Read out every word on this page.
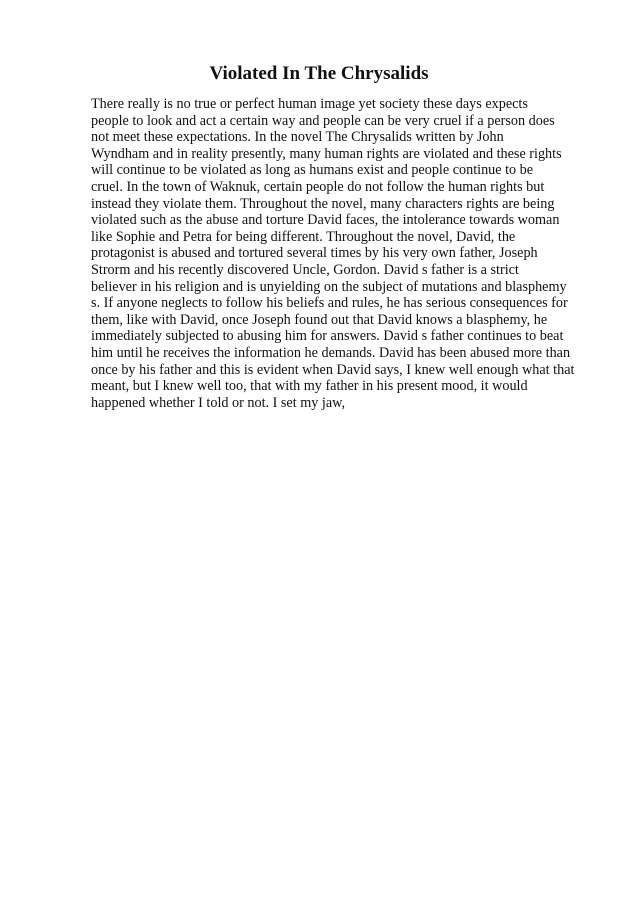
Violated In The Chrysalids
There really is no true or perfect human image yet society these days expects
people to look and act a certain way and people can be very cruel if a person does
not meet these expectations. In the novel The Chrysalids written by John
Wyndham and in reality presently, many human rights are violated and these rights
will continue to be violated as long as humans exist and people continue to be
cruel. In the town of Waknuk, certain people do not follow the human rights but
instead they violate them. Throughout the novel, many characters rights are being
violated such as the abuse and torture David faces, the intolerance towards woman
like Sophie and Petra for being different. Throughout the novel, David, the
protagonist is abused and tortured several times by his very own father, Joseph
Strorm and his recently discovered Uncle, Gordon. David s father is a strict
believer in his religion and is unyielding on the subject of mutations and blasphemy
s. If anyone neglects to follow his beliefs and rules, he has serious consequences for
them, like with David, once Joseph found out that David knows a blasphemy, he
immediately subjected to abusing him for answers. David s father continues to beat
him until he receives the information he demands. David has been abused more than
once by his father and this is evident when David says, I knew well enough what that
meant, but I knew well too, that with my father in his present mood, it would
happened whether I told or not. I set my jaw,
